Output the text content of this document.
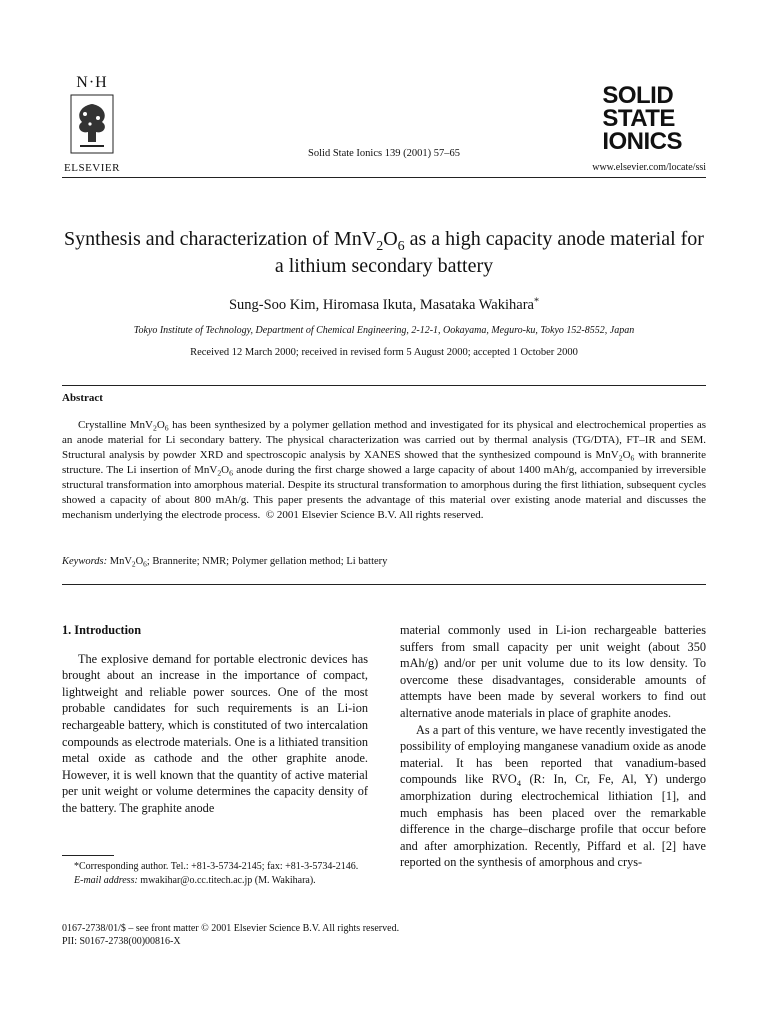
N·H
ELSEVIER
Solid State Ionics 139 (2001) 57–65
SOLID
STATE
IONICS
www.elsevier.com/locate/ssi
Synthesis and characterization of $MnV_2O_6$ as a high capacity anode material for a lithium secondary battery
Sung-Soo Kim, Hiromasa Ikuta, Masataka Wakihara*
Tokyo Institute of Technology, Department of Chemical Engineering, 2-12-1, Ookayama, Meguro-ku, Tokyo 152-8552, Japan
Received 12 March 2000; received in revised form 5 August 2000; accepted 1 October 2000
Abstract
Crystalline $MnV_2O_6$ has been synthesized by a polymer gellation method and investigated for its physical and electrochemical properties as an anode material for Li secondary battery. The physical characterization was carried out by thermal analysis (TG/DTA), FT–IR and SEM. Structural analysis by powder XRD and spectroscopic analysis by XANES showed that the synthesized compound is $MnV_2O_6$ with brannerite structure. The Li insertion of $MnV_2O_6$ anode during the first charge showed a large capacity of about 1400 mAh/g, accompanied by irreversible structural transformation into amorphous material. Despite its structural transformation to amorphous during the first lithiation, subsequent cycles showed a capacity of about 800 mAh/g. This paper presents the advantage of this material over existing anode material and discusses the mechanism underlying the electrode process.  © 2001 Elsevier Science B.V. All rights reserved.
Keywords: $MnV_2O_6$; Brannerite; NMR; Polymer gellation method; Li battery
1. Introduction

The explosive demand for portable electronic devices has brought about an increase in the importance of compact, lightweight and reliable power sources. One of the most probable candidates for such requirements is an Li-ion rechargeable battery, which is constituted of two intercalation compounds as electrode materials. One is a lithiated transition metal oxide as cathode and the other graphite anode. However, it is well known that the quantity of active material per unit weight or volume determines the capacity density of the battery. The graphite anode

material commonly used in Li-ion rechargeable batteries suffers from small capacity per unit weight (about 350 mAh/g) and/or per unit volume due to its low density. To overcome these disadvantages, considerable amounts of attempts have been made by several workers to find out alternative anode materials in place of graphite anodes.

As a part of this venture, we have recently investigated the possibility of employing manganese vanadium oxide as anode material. It has been reported that vanadium-based compounds like $RVO_4$ (R: In, Cr, Fe, Al, Y) undergo amorphization during electrochemical lithiation [1], and much emphasis has been placed over the remarkable difference in the charge–discharge profile that occur before and after amorphization. Recently, Piffard et al. [2] have reported on the synthesis of amorphous and crys-

*Corresponding author. Tel.: +81-3-5734-2145; fax: +81-3-5734-2146.

E-mail address: mwakihar@o.cc.titech.ac.jp (M. Wakihara).

0167-2738/01/$ – see front matter © 2001 Elsevier Science B.V. All rights reserved.
PII: S0167-2738(00)00816-X
